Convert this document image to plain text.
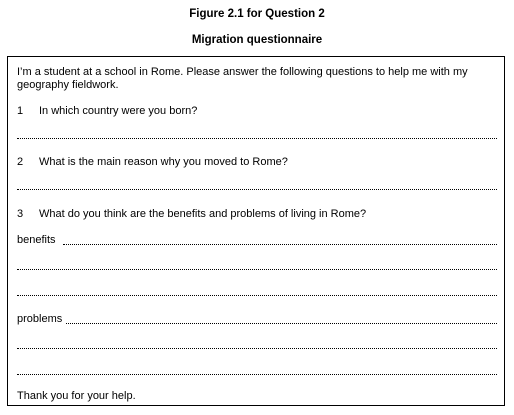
Figure 2.1 for Question 2
Migration questionnaire
I’m a student at a school in Rome. Please answer the following questions to help me with my geography fieldwork.
1 In which country were you born?
2 What is the main reason why you moved to Rome?
3 What do you think are the benefits and problems of living in Rome?
benefits
problems
Thank you for your help.
